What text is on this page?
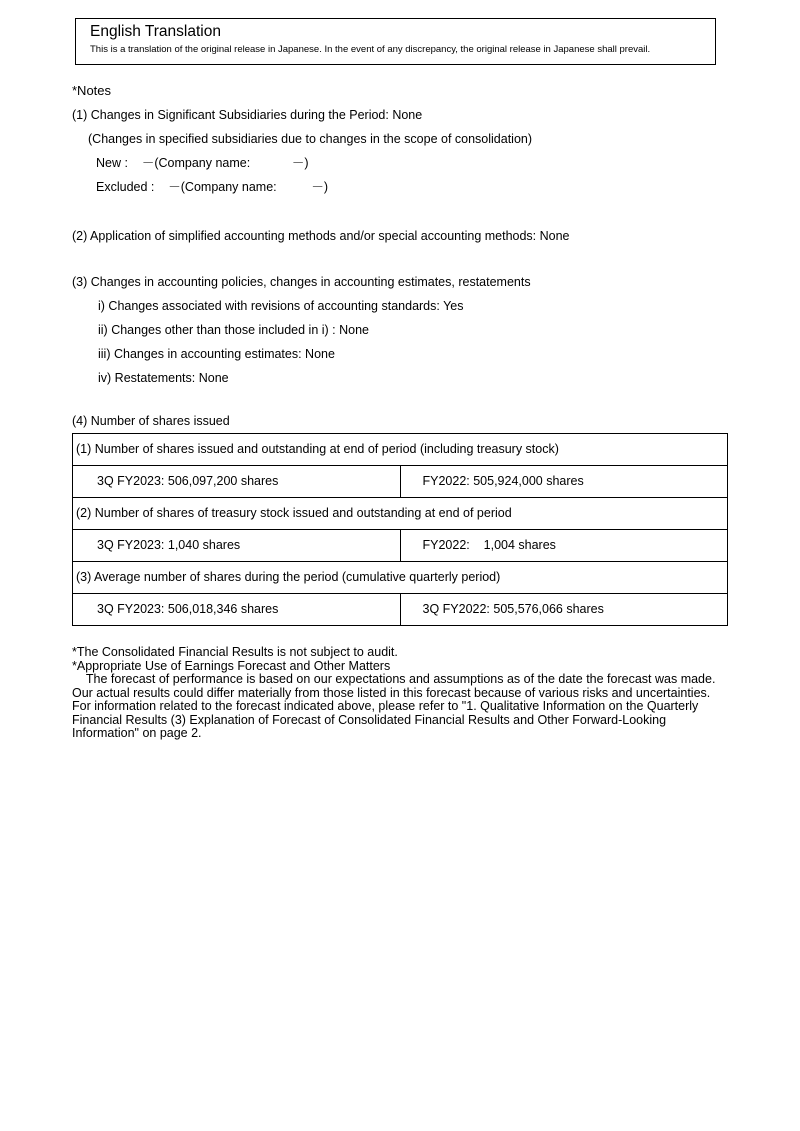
English Translation
This is a translation of the original release in Japanese. In the event of any discrepancy, the original release in Japanese shall prevail.
*Notes
(1) Changes in Significant Subsidiaries during the Period: None
(Changes in specified subsidiaries due to changes in the scope of consolidation)
New :    －(Company name:            －)
Excluded :    －(Company name:          －)
(2) Application of simplified accounting methods and/or special accounting methods: None
(3) Changes in accounting policies, changes in accounting estimates, restatements
i) Changes associated with revisions of accounting standards: Yes
ii) Changes other than those included in i) : None
iii) Changes in accounting estimates: None
iv) Restatements: None
(4) Number of shares issued
(1) Number of shares issued and outstanding at end of period (including treasury stock)	
3Q FY2023: 506,097,200 shares	FY2022: 505,924,000 shares
(2) Number of shares of treasury stock issued and outstanding at end of period	
3Q FY2023: 1,040 shares	FY2022:    1,004 shares
(3) Average number of shares during the period (cumulative quarterly period)	
3Q FY2023: 506,018,346 shares	3Q FY2022: 505,576,066 shares
*The Consolidated Financial Results is not subject to audit.
*Appropriate Use of Earnings Forecast and Other Matters
The forecast of performance is based on our expectations and assumptions as of the date the forecast was made. Our actual results could differ materially from those listed in this forecast because of various risks and uncertainties. For information related to the forecast indicated above, please refer to "1. Qualitative Information on the Quarterly Financial Results (3) Explanation of Forecast of Consolidated Financial Results and Other Forward-Looking Information" on page 2.
